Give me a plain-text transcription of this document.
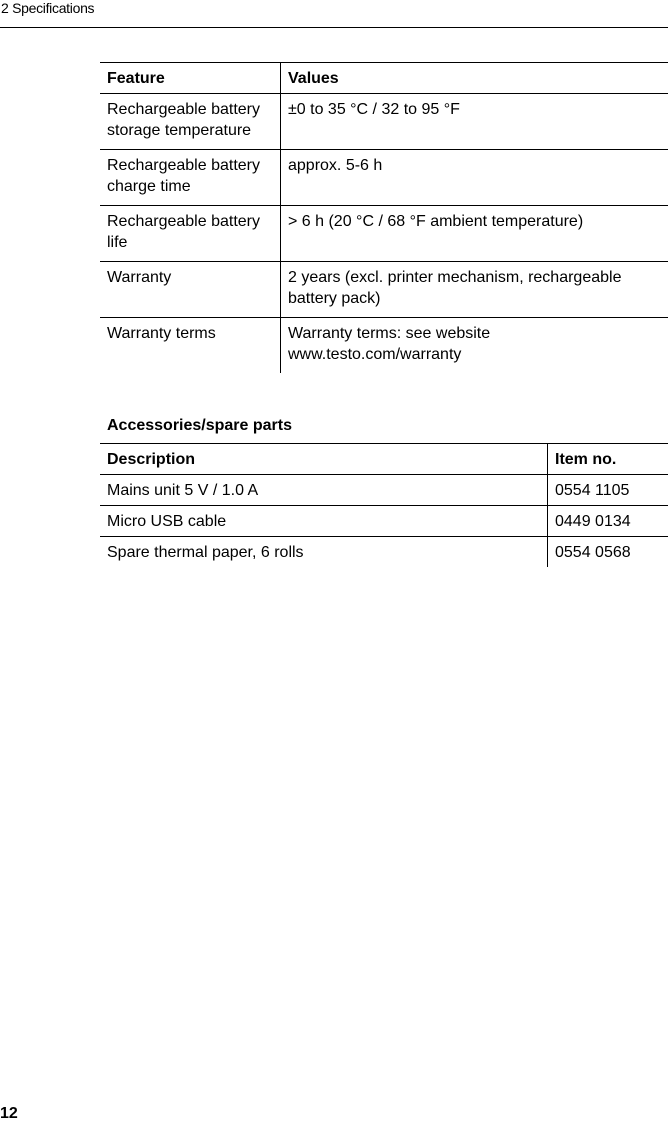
2 Specifications
Feature	Values
Rechargeable battery storage temperature	±0 to 35 °C / 32 to 95 °F
Rechargeable battery charge time	approx. 5-6 h
Rechargeable battery life	> 6 h (20 °C / 68 °F ambient temperature)
Warranty	2 years (excl. printer mechanism, rechargeable battery pack)
Warranty terms	Warranty terms: see website www.testo.com/warranty
Accessories/spare parts
Description	Item no.
Mains unit 5 V / 1.0 A	0554 1105
Micro USB cable	0449 0134
Spare thermal paper, 6 rolls	0554 0568
12
